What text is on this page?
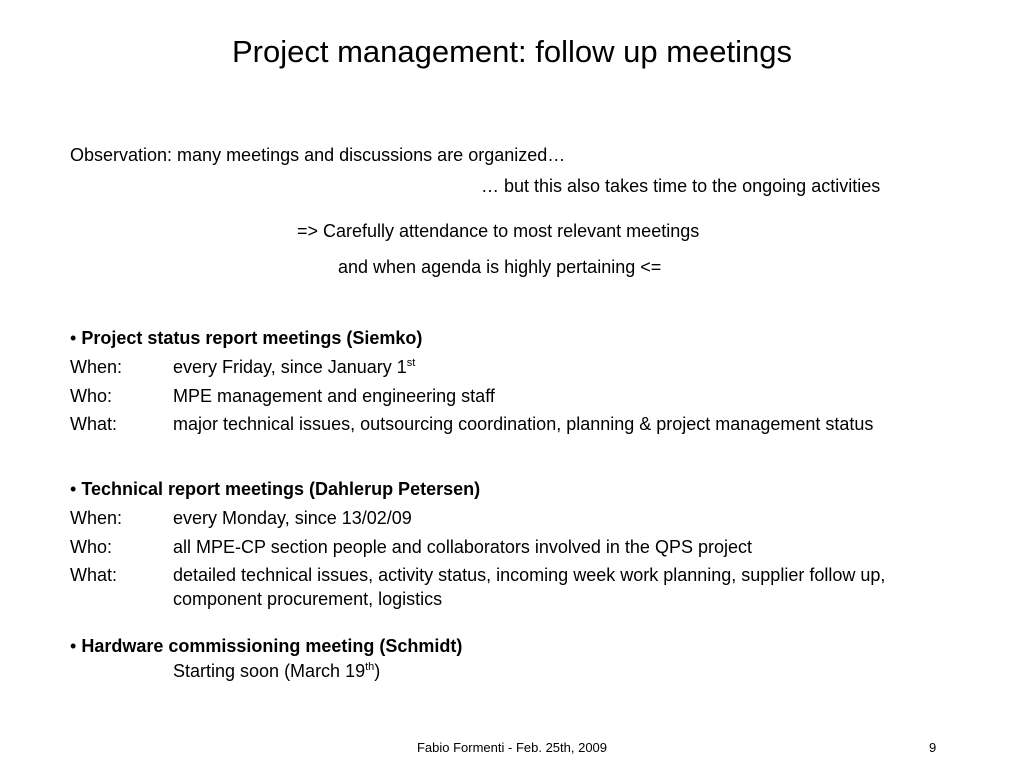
Project management: follow up meetings
Observation: many meetings and discussions are organized…
… but this also takes time to the ongoing activities
=> Carefully attendance to most relevant meetings
and when agenda is highly pertaining <=
• Project status report meetings (Siemko)
When:	every Friday, since January 1st
Who:	MPE management and engineering staff
What:	major technical issues, outsourcing coordination, planning & project management status
• Technical report meetings (Dahlerup Petersen)
When:	every Monday, since 13/02/09
Who:	all MPE-CP section people and collaborators involved in the QPS project
What:	detailed technical issues, activity status, incoming week work planning, supplier follow up,
component procurement, logistics
• Hardware commissioning meeting (Schmidt)
Starting soon (March 19th)
Fabio Formenti - Feb. 25th, 2009	9
